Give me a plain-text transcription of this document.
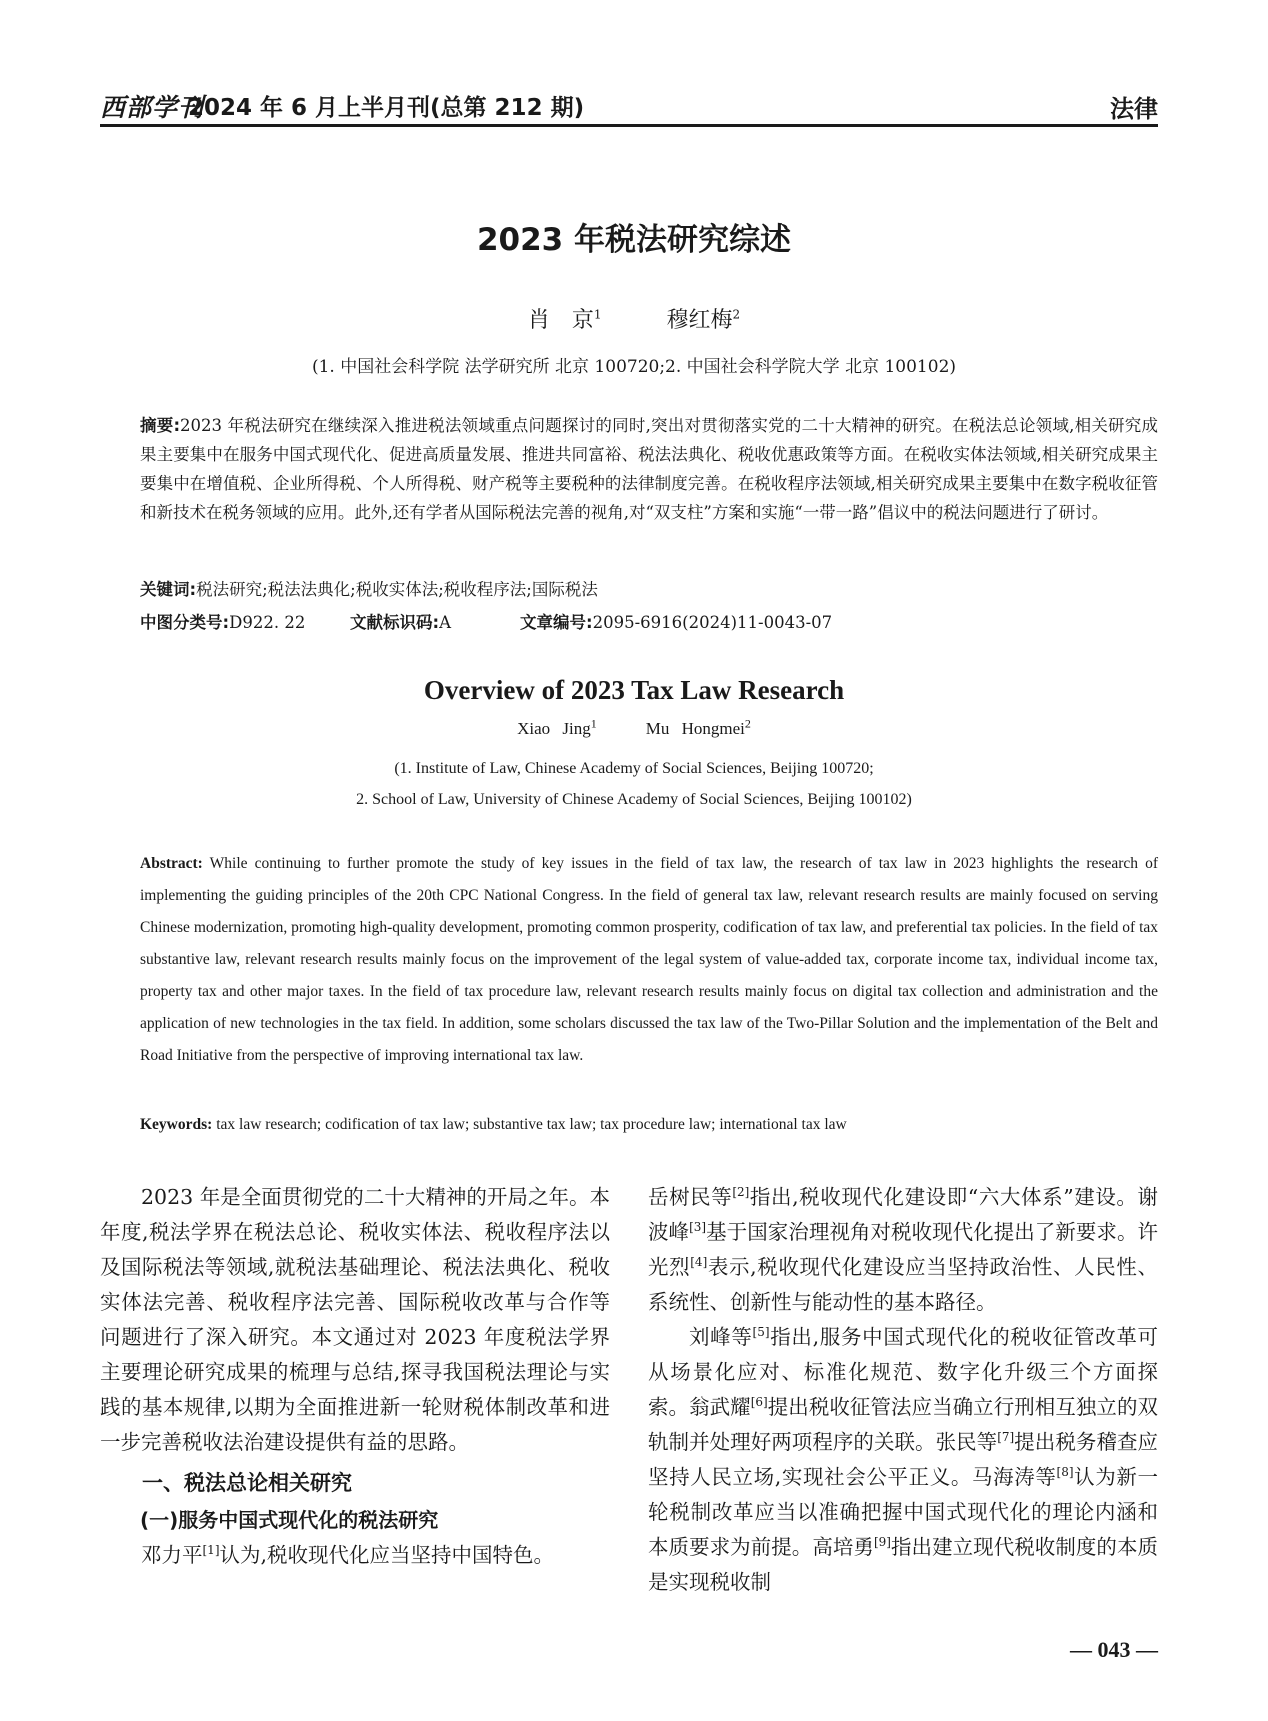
西部学刊
2024 年 6 月上半月刊(总第 212 期)	法律
2023 年税法研究综述
肖　京$^1$	穆红梅$^2$
(1. 中国社会科学院 法学研究所 北京 100720;2. 中国社会科学院大学 北京 100102)
摘要:2023 年税法研究在继续深入推进税法领域重点问题探讨的同时,突出对贯彻落实党的二十大精神的研究。在税法总论领域,相关研究成果主要集中在服务中国式现代化、促进高质量发展、推进共同富裕、税法法典化、税收优惠政策等方面。在税收实体法领域,相关研究成果主要集中在增值税、企业所得税、个人所得税、财产税等主要税种的法律制度完善。在税收程序法领域,相关研究成果主要集中在数字税收征管和新技术在税务领域的应用。此外,还有学者从国际税法完善的视角,对“双支柱”方案和实施“一带一路”倡议中的税法问题进行了研讨。
关键词:税法研究;税法法典化;税收实体法;税收程序法;国际税法
中图分类号:D922. 22	文献标识码:A	文章编号:2095-6916(2024)11-0043-07
Overview of 2023 Tax Law Research
Xiao Jing$^1$	Mu Hongmei$^2$
(1. Institute of Law, Chinese Academy of Social Sciences, Beijing 100720;
2. School of Law, University of Chinese Academy of Social Sciences, Beijing 100102)
Abstract: While continuing to further promote the study of key issues in the field of tax law, the research of tax law in 2023 highlights the research of implementing the guiding principles of the 20th CPC National Congress. In the field of general tax law, relevant research results are mainly focused on serving Chinese modernization, promoting high-quality development, promoting common prosperity, codification of tax law, and preferential tax policies. In the field of tax substantive law, relevant research results mainly focus on the improvement of the legal system of value-added tax, corporate income tax, individual income tax, property tax and other major taxes. In the field of tax procedure law, relevant research results mainly focus on digital tax collection and administration and the application of new technologies in the tax field. In addition, some scholars discussed the tax law of the Two-Pillar Solution and the implementation of the Belt and Road Initiative from the perspective of improving international tax law.
Keywords: tax law research; codification of tax law; substantive tax law; tax procedure law; international tax law

2023 年是全面贯彻党的二十大精神的开局之年。本年度,税法学界在税法总论、税收实体法、税收程序法以及国际税法等领域,就税法基础理论、税法法典化、税收实体法完善、税收程序法完善、国际税收改革与合作等问题进行了深入研究。本文通过对 2023 年度税法学界主要理论研究成果的梳理与总结,探寻我国税法理论与实践的基本规律,以期为全面推进新一轮财税体制改革和进一步完善税收法治建设提供有益的思路。

一、税法总论相关研究
(一)服务中国式现代化的税法研究

邓力平[1]认为,税收现代化应当坚持中国特色。

岳树民等[2]指出,税收现代化建设即“六大体系”建设。谢波峰[3]基于国家治理视角对税收现代化提出了新要求。许光烈[4]表示,税收现代化建设应当坚持政治性、人民性、系统性、创新性与能动性的基本路径。

刘峰等[5]指出,服务中国式现代化的税收征管改革可从场景化应对、标准化规范、数字化升级三个方面探索。翁武耀[6]提出税收征管法应当确立行刑相互独立的双轨制并处理好两项程序的关联。张民等[7]提出税务稽查应坚持人民立场,实现社会公平正义。马海涛等[8]认为新一轮税制改革应当以准确把握中国式现代化的理论内涵和本质要求为前提。高培勇[9]指出建立现代税收制度的本质是实现税收制

— 043 —
